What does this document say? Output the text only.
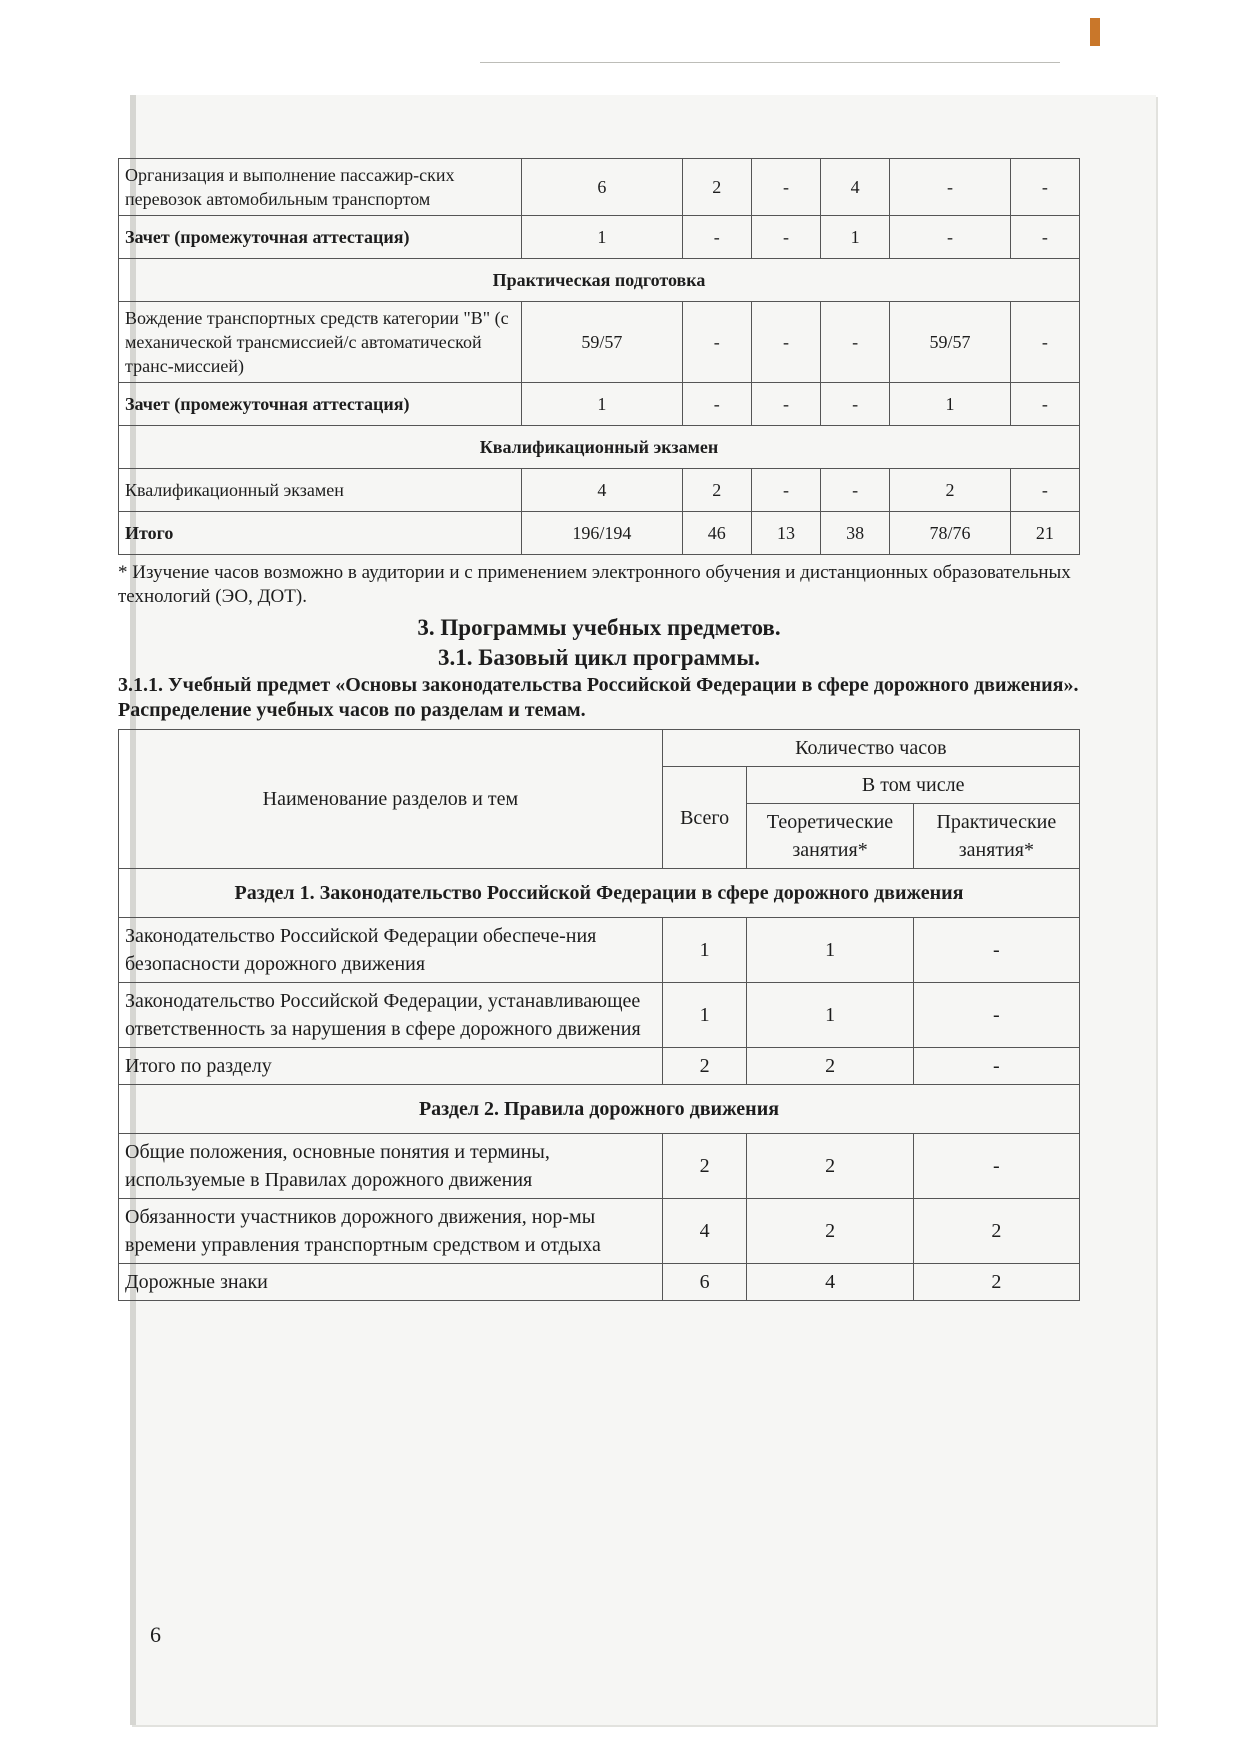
Организация и выполнение пассажир-ских перевозок автомобильным транспортом	6	2	-	4	-	-
Зачет (промежуточная аттестация)	1	-	-	1	-	-
Практическая подготовка						
Вождение транспортных средств категории "В" (с механической трансмиссией/с автоматической транс-миссией)	59/57	-	-	-	59/57	-
Зачет (промежуточная аттестация)	1	-	-	-	1	-
Квалификационный экзамен						
Квалификационный экзамен	4	2	-	-	2	-
Итого	196/194	46	13	38	78/76	21

* Изучение часов возможно в аудитории и с применением электронного обучения и дистанционных образовательных технологий (ЭО, ДОТ).

3. Программы учебных предметов.

3.1. Базовый цикл программы.

3.1.1. Учебный предмет «Основы законодательства Российской Федерации в сфере дорожного движения».

Распределение учебных часов по разделам и темам.

Наименование разделов и тем	Количество часов		
	Всего	В том числе	
		Теоретические занятия*	Практические занятия*
Раздел 1. Законодательство Российской Федерации в сфере дорожного движения			
Законодательство Российской Федерации обеспече-ния безопасности дорожного движения	1	1	-
Законодательство Российской Федерации, устанавливающее ответственность за нарушения в сфере дорожного движения	1	1	-
Итого по разделу	2	2	-
Раздел 2. Правила дорожного движения			
Общие положения, основные понятия и термины, используемые в Правилах дорожного движения	2	2	-
Обязанности участников дорожного движения, нор-мы времени управления транспортным средством и отдыха	4	2	2
Дорожные знаки	6	4	2
6
